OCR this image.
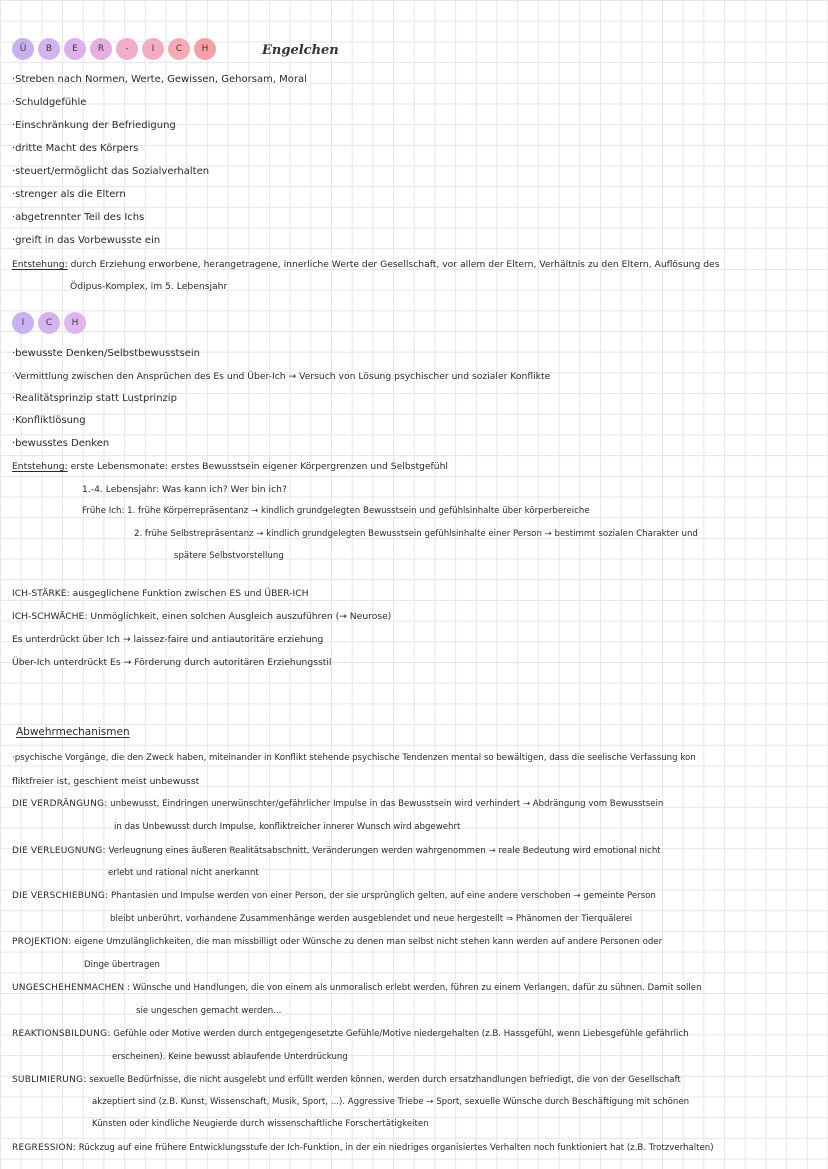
Ü	B	E	R	-	I	C	H	Engelchen
·Streben nach Normen, Werte, Gewissen, Gehorsam, Moral
·Schuldgefühle
·Einschränkung der Befriedigung
·dritte Macht des Körpers
·steuert/ermöglicht das Sozialverhalten
·strenger als die Eltern
·abgetrennter Teil des Ichs
·greift in das Vorbewusste ein
Entstehung: durch Erziehung erworbene, herangetragene, innerliche Werte der Gesellschaft, vor allem der Eltern, Verhältnis zu den Eltern, Auflösung des
Ödipus-Komplex, im 5. Lebensjahr
I	C	H
·bewusste Denken/Selbstbewusstsein
·Vermittlung zwischen den Ansprüchen des Es und Über-Ich → Versuch von Lösung psychischer und sozialer Konflikte
·Realitätsprinzip statt Lustprinzip
·Konfliktlösung
·bewusstes Denken
Entstehung: erste Lebensmonate: erstes Bewusstsein eigener Körpergrenzen und Selbstgefühl
1.-4. Lebensjahr: Was kann ich? Wer bin ich?
Frühe Ich: 1. frühe Körperrepräsentanz → kindlich grundgelegten Bewusstsein und gefühlsinhalte über körperbereiche
2. frühe Selbstrepräsentanz → kindlich grundgelegten Bewusstsein gefühlsinhalte einer Person → bestimmt sozialen Charakter und
spätere Selbstvorstellung
ICH-STÄRKE: ausgeglichene Funktion zwischen ES und ÜBER-ICH
ICH-SCHWÄCHE: Unmöglichkeit, einen solchen Ausgleich auszuführen (→ Neurose)
Es unterdrückt über Ich → laissez-faire und antiautoritäre erziehung
Über-Ich unterdrückt Es → Förderung durch autoritären Erziehungsstil
Abwehrmechanismen
·psychische Vorgänge, die den Zweck haben, miteinander in Konflikt stehende psychische Tendenzen mental so bewältigen, dass die seelische Verfassung kon
fliktfreier ist, geschient meist unbewusst
DIE VERDRÄNGUNG: unbewusst, Eindringen unerwünschter/gefährlicher Impulse in das Bewusstsein wird verhindert → Abdrängung vom Bewusstsein
in das Unbewusst durch Impulse, konfliktreicher innerer Wunsch wird abgewehrt
DIE VERLEUGNUNG: Verleugnung eines äußeren Realitätsabschnitt, Veränderungen werden wahrgenommen → reale Bedeutung wird emotional nicht
erlebt und rational nicht anerkannt
DIE VERSCHIEBUNG: Phantasien und Impulse werden von einer Person, der sie ursprünglich gelten, auf eine andere verschoben → gemeinte Person
bleibt unberührt, vorhandene Zusammenhänge werden ausgeblendet und neue hergestellt ⇒ Phänomen der Tierquälerei
PROJEKTION: eigene Umzulänglichkeiten, die man missbilligt oder Wünsche zu denen man selbst nicht stehen kann werden auf andere Personen oder
Dinge übertragen
UNGESCHEHENMACHEN : Wünsche und Handlungen, die von einem als unmoralisch erlebt werden, führen zu einem Verlangen, dafür zu sühnen. Damit sollen
sie ungeschen gemacht werden...
REAKTIONSBILDUNG: Gefühle oder Motive werden durch entgegengesetzte Gefühle/Motive niedergehalten (z.B. Hassgefühl, wenn Liebesgefühle gefährlich
erscheinen). Keine bewusst ablaufende Unterdrückung
SUBLIMIERUNG: sexuelle Bedürfnisse, die nicht ausgelebt und erfüllt werden können, werden durch ersatzhandlungen befriedigt, die von der Gesellschaft
akzeptiert sind (z.B. Kunst, Wissenschaft, Musik, Sport, ...). Aggressive Triebe → Sport, sexuelle Wünsche durch Beschäftigung mit schönen
Künsten oder kindliche Neugierde durch wissenschaftliche Forschertätigkeiten
REGRESSION: Rückzug auf eine frühere Entwicklungsstufe der Ich-Funktion, in der ein niedriges organisiertes Verhalten noch funktioniert hat (z.B. Trotzverhalten)
